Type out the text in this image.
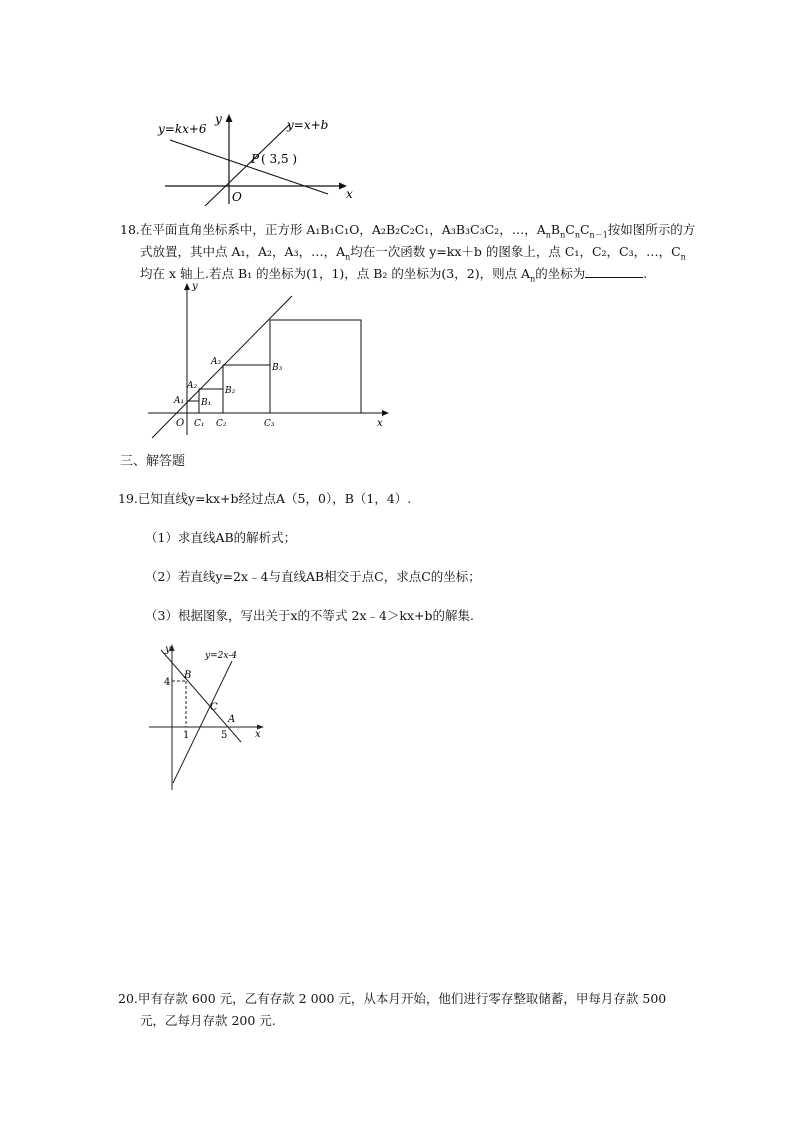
y=kx+6	y=x+b
y
x
O
P ( 3,5 )
18.在平面直角坐标系中，正方形 A₁B₁C₁O，A₂B₂C₂C₁，A₃B₃C₃C₂，…，$A_nB_nC_nC_{n-1}$按如图所示的方
式放置，其中点 A₁，A₂，A₃，…，$A_n$均在一次函数 y=kx＋b 的图象上，点 C₁，C₂，C₃，…，$C_n$
均在 x 轴上.若点 B₁ 的坐标为(1，1)，点 B₂ 的坐标为(3，2)，则点 $A_n$的坐标为	.
y
x
O
A₁
A₂
A₃
B₁
B₂
B₃
C₁ C₂	C₃
三、解答题
19.已知直线y=kx+b经过点A（5，0），B（1，4）.
（1）求直线AB的解析式；
（2）若直线y=2x﹣4与直线AB相交于点C，求点C的坐标；
（3）根据图象，写出关于x的不等式 2x﹣4＞kx+b的解集.
y
x
4
1	5
B
A
C
y=2x-4
20.甲有存款 600 元，乙有存款 2 000 元，从本月开始，他们进行零存整取储蓄，甲每月存款 500
元，乙每月存款 200 元.
